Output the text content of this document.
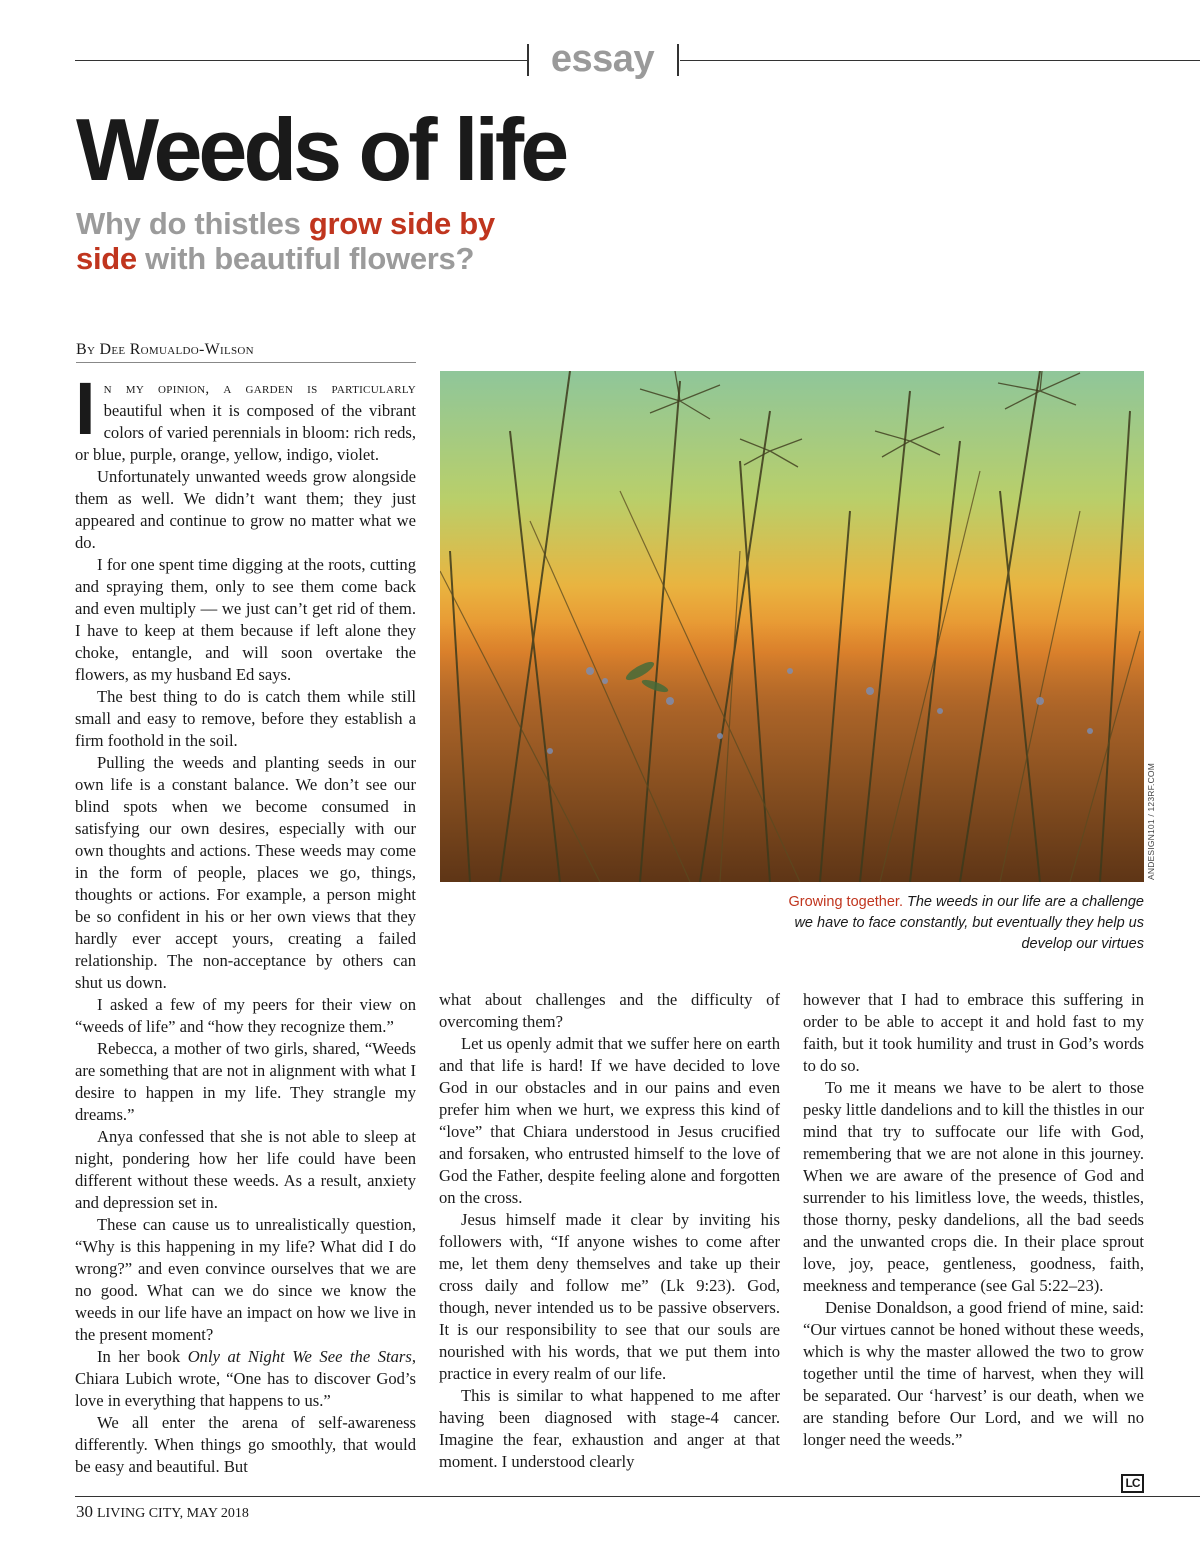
essay
Weeds of life
Why do thistles grow side by side with beautiful flowers?
By Dee Romualdo-Wilson
ANDESIGN101 / 123RF.COM
Growing together. The weeds in our life are a challenge we have to face constantly, but eventually they help us develop our virtues

In my opinion, a garden is particularly beautiful when it is composed of the vibrant colors of varied perennials in bloom: rich reds, or blue, purple, orange, yellow, indigo, violet.

Unfortunately unwanted weeds grow alongside them as well. We didn’t want them; they just appeared and continue to grow no matter what we do.

I for one spent time digging at the roots, cutting and spraying them, only to see them come back and even multiply — we just can’t get rid of them. I have to keep at them because if left alone they choke, entangle, and will soon overtake the flowers, as my husband Ed says.

The best thing to do is catch them while still small and easy to remove, before they establish a firm foothold in the soil.

Pulling the weeds and planting seeds in our own life is a constant balance. We don’t see our blind spots when we become consumed in satisfying our own desires, especially with our own thoughts and actions. These weeds may come in the form of people, places we go, things, thoughts or actions. For example, a person might be so confident in his or her own views that they hardly ever accept yours, creating a failed relationship. The non-acceptance by others can shut us down.

I asked a few of my peers for their view on “weeds of life” and “how they recognize them.”

Rebecca, a mother of two girls, shared, “Weeds are something that are not in alignment with what I desire to happen in my life. They strangle my dreams.”

Anya confessed that she is not able to sleep at night, pondering how her life could have been different without these weeds. As a result, anxiety and depression set in.

These can cause us to unrealistically question, “Why is this happening in my life? What did I do wrong?” and even convince ourselves that we are no good. What can we do since we know the weeds in our life have an impact on how we live in the present moment?

In her book Only at Night We See the Stars, Chiara Lubich wrote, “One has to discover God’s love in everything that happens to us.”

We all enter the arena of self-awareness differently. When things go smoothly, that would be easy and beautiful. But

what about challenges and the difficulty of overcoming them?

Let us openly admit that we suffer here on earth and that life is hard! If we have decided to love God in our obstacles and in our pains and even prefer him when we hurt, we express this kind of “love” that Chiara understood in Jesus crucified and forsaken, who entrusted himself to the love of God the Father, despite feeling alone and forgotten on the cross.

Jesus himself made it clear by inviting his followers with, “If anyone wishes to come after me, let them deny themselves and take up their cross daily and follow me” (Lk 9:23). God, though, never intended us to be passive observers. It is our responsibility to see that our souls are nourished with his words, that we put them into practice in every realm of our life.

This is similar to what happened to me after having been diagnosed with stage-4 cancer. Imagine the fear, exhaustion and anger at that moment. I understood clearly

however that I had to embrace this suffering in order to be able to accept it and hold fast to my faith, but it took humility and trust in God’s words to do so.

To me it means we have to be alert to those pesky little dandelions and to kill the thistles in our mind that try to suffocate our life with God, remembering that we are not alone in this journey. When we are aware of the presence of God and surrender to his limitless love, the weeds, thistles, those thorny, pesky dandelions, all the bad seeds and the unwanted crops die. In their place sprout love, joy, peace, gentleness, goodness, faith, meekness and temperance (see Gal 5:22–23).

Denise Donaldson, a good friend of mine, said: “Our virtues cannot be honed without these weeds, which is why the master allowed the two to grow together until the time of harvest, when they will be separated. Our ‘harvest’ is our death, when we are standing before Our Lord, and we will no longer need the weeds.”

LC
30 LIVING CITY, MAY 2018
